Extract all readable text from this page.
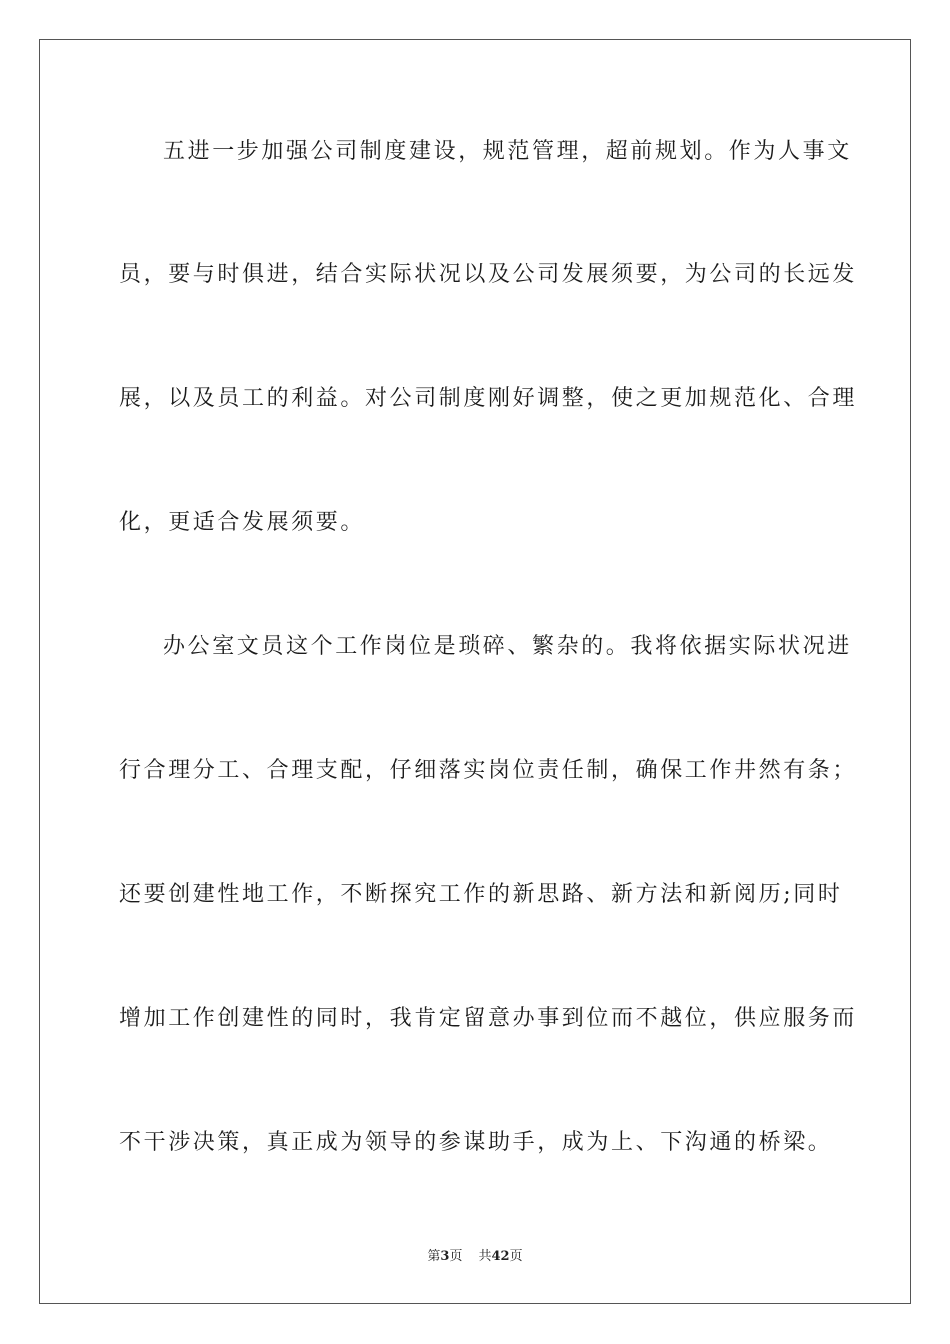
五进一步加强公司制度建设，规范管理，超前规划。作为人事文
员，要与时俱进，结合实际状况以及公司发展须要，为公司的长远发
展，以及员工的利益。对公司制度刚好调整，使之更加规范化、合理
化，更适合发展须要。
办公室文员这个工作岗位是琐碎、繁杂的。我将依据实际状况进
行合理分工、合理支配，仔细落实岗位责任制，确保工作井然有条；
还要创建性地工作，不断探究工作的新思路、新方法和新阅历;同时
增加工作创建性的同时，我肯定留意办事到位而不越位，供应服务而
不干涉决策，真正成为领导的参谋助手，成为上、下沟通的桥梁。
第3页 共42页
